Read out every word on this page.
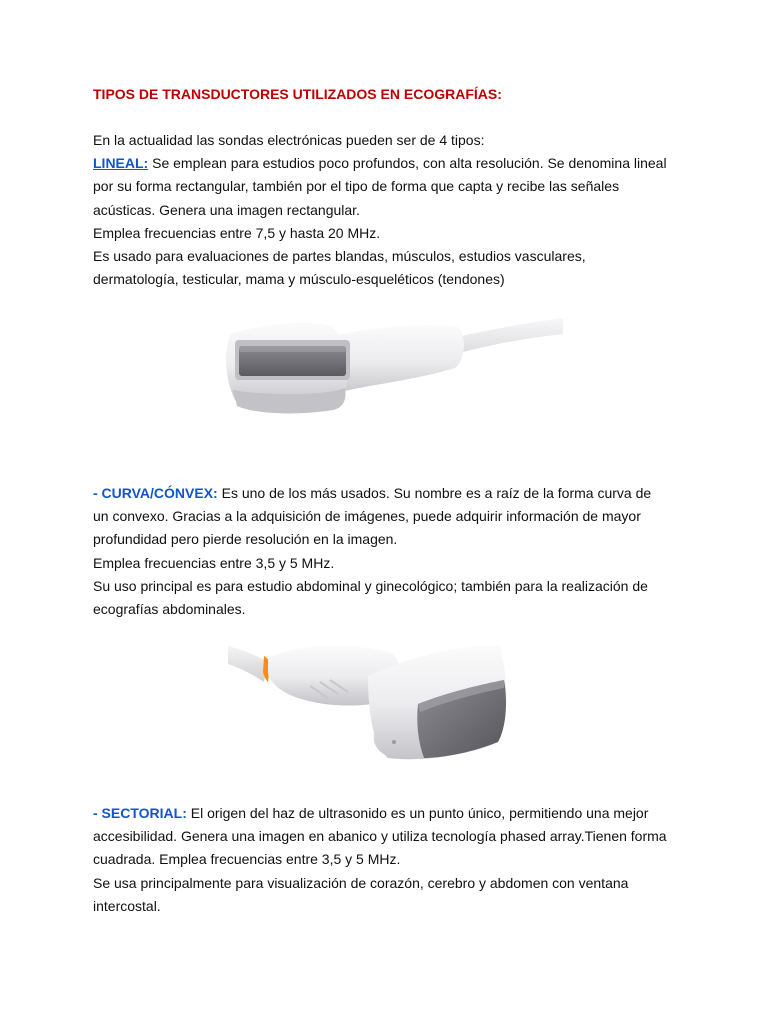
TIPOS DE TRANSDUCTORES UTILIZADOS EN ECOGRAFÍAS:
En la actualidad las sondas electrónicas pueden ser de 4 tipos:
LINEAL: Se emplean para estudios poco profundos, con alta resolución. Se denomina lineal
por su forma rectangular, también por el tipo de forma que capta y recibe las señales
acústicas. Genera una imagen rectangular.
Emplea frecuencias entre 7,5 y hasta 20 MHz.
Es usado para evaluaciones de partes blandas, músculos, estudios vasculares,
dermatología, testicular, mama y músculo-esqueléticos (tendones)
- CURVA/CÓNVEX: Es uno de los más usados. Su nombre es a raíz de la forma curva de
un convexo. Gracias a la adquisición de imágenes, puede adquirir información de mayor
profundidad pero pierde resolución en la imagen.
Emplea frecuencias entre 3,5 y 5 MHz.
Su uso principal es para estudio abdominal y ginecológico; también para la realización de
ecografías abdominales.
- SECTORIAL: El origen del haz de ultrasonido es un punto único, permitiendo una mejor
accesibilidad. Genera una imagen en abanico y utiliza tecnología phased array.Tienen forma
cuadrada. Emplea frecuencias entre 3,5 y 5 MHz.
Se usa principalmente para visualización de corazón, cerebro y abdomen con ventana
intercostal.
